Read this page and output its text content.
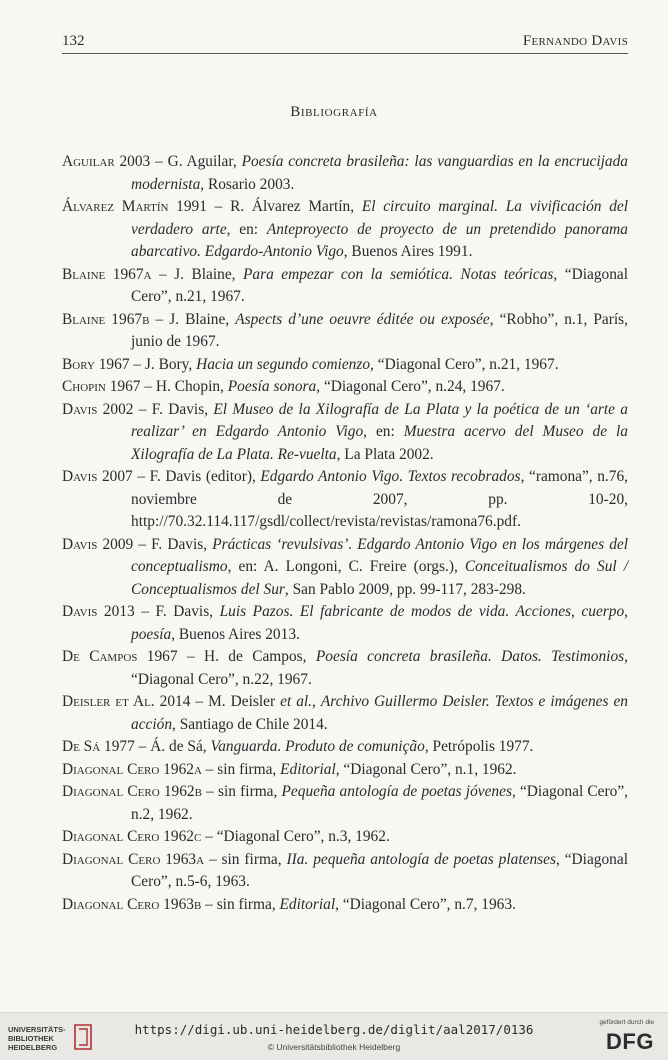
132	Fernando Davis
Bibliografía
Aguilar 2003 – G. Aguilar, Poesía concreta brasileña: las vanguardias en la encrucijada modernista, Rosario 2003.
Álvarez Martín 1991 – R. Álvarez Martín, El circuito marginal. La vivificación del verdadero arte, en: Anteproyecto de proyecto de un pretendido panorama abarcativo. Edgardo-Antonio Vigo, Buenos Aires 1991.
Blaine 1967a – J. Blaine, Para empezar con la semiótica. Notas teóricas, “Diagonal Cero”, n.21, 1967.
Blaine 1967b – J. Blaine, Aspects d’une oeuvre éditée ou exposée, “Robho”, n.1, París, junio de 1967.
Bory 1967 – J. Bory, Hacia un segundo comienzo, “Diagonal Cero”, n.21, 1967.
Chopin 1967 – H. Chopin, Poesía sonora, “Diagonal Cero”, n.24, 1967.
Davis 2002 – F. Davis, El Museo de la Xilografía de La Plata y la poética de un ‘arte a realizar’ en Edgardo Antonio Vigo, en: Muestra acervo del Museo de la Xilografía de La Plata. Re-vuelta, La Plata 2002.
Davis 2007 – F. Davis (editor), Edgardo Antonio Vigo. Textos recobrados, “ramona”, n.76, noviembre de 2007, pp. 10-20, http://70.32.114.117/gsdl/collect/revista/revistas/ramona76.pdf.
Davis 2009 – F. Davis, Prácticas ‘revulsivas’. Edgardo Antonio Vigo en los márgenes del conceptualismo, en: A. Longoni, C. Freire (orgs.), Conceitualismos do Sul / Conceptualismos del Sur, San Pablo 2009, pp. 99-117, 283-298.
Davis 2013 – F. Davis, Luis Pazos. El fabricante de modos de vida. Acciones, cuerpo, poesía, Buenos Aires 2013.
De Campos 1967 – H. de Campos, Poesía concreta brasileña. Datos. Testimonios, “Diagonal Cero”, n.22, 1967.
Deisler et Al. 2014 – M. Deisler et al., Archivo Guillermo Deisler. Textos e imágenes en acción, Santiago de Chile 2014.
De Sá 1977 – Á. de Sá, Vanguarda. Produto de comunição, Petrópolis 1977.
Diagonal Cero 1962a – sin firma, Editorial, “Diagonal Cero”, n.1, 1962.
Diagonal Cero 1962b – sin firma, Pequeña antología de poetas jóvenes, “Diagonal Cero”, n.2, 1962.
Diagonal Cero 1962c – “Diagonal Cero”, n.3, 1962.
Diagonal Cero 1963a – sin firma, IIa. pequeña antología de poetas platenses, “Diagonal Cero”, n.5-6, 1963.
Diagonal Cero 1963b – sin firma, Editorial, “Diagonal Cero”, n.7, 1963.
UNIVERSITÄTS-
BIBLIOTHEK
HEIDELBERG
https://digi.ub.uni-heidelberg.de/diglit/aal2017/0136
© Universitätsbibliothek Heidelberg
gefördert durch die
DFG
